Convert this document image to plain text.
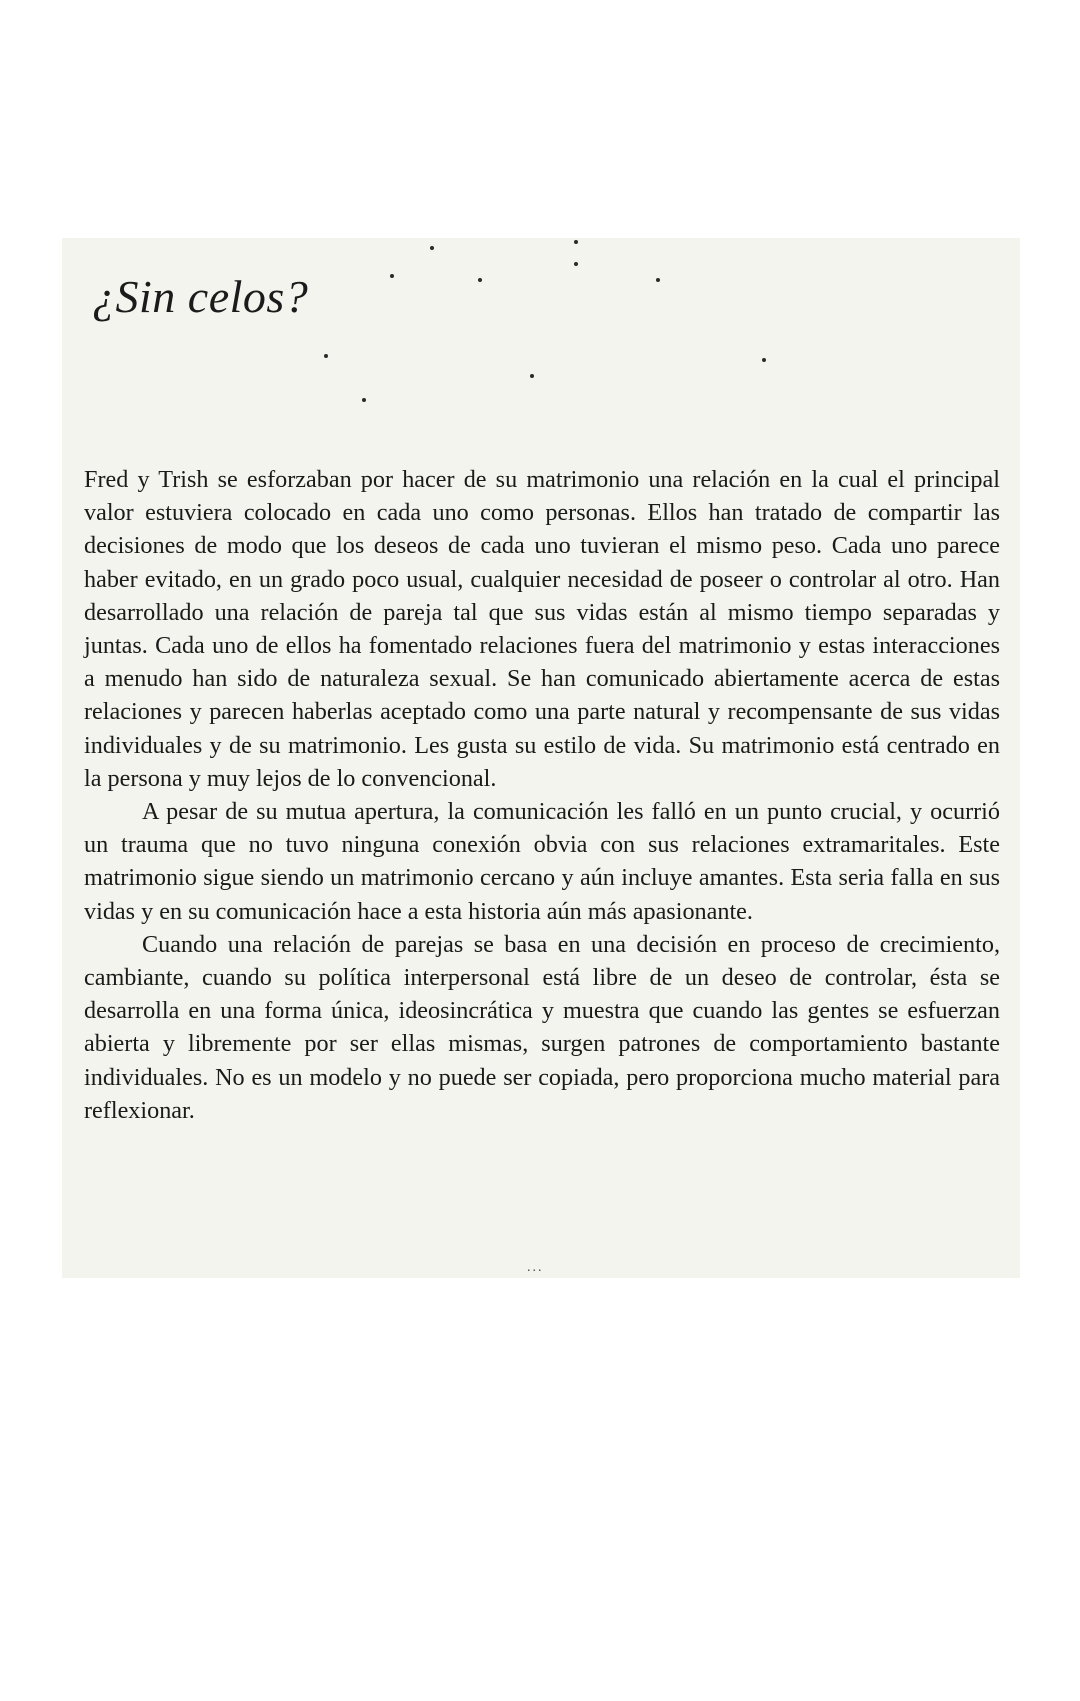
¿Sin celos?

Fred y Trish se esforzaban por hacer de su matrimonio una relación en la cual el principal valor estuviera colocado en cada uno como personas. Ellos han tratado de compartir las decisiones de modo que los deseos de cada uno tuvieran el mismo peso. Cada uno parece haber evitado, en un grado poco usual, cualquier necesidad de poseer o controlar al otro. Han desarrollado una relación de pareja tal que sus vidas están al mismo tiempo separadas y juntas. Cada uno de ellos ha fomentado relaciones fuera del matrimonio y estas interacciones a menudo han sido de naturaleza sexual. Se han comunicado abiertamente acerca de estas relaciones y parecen haberlas aceptado como una parte natural y recompensante de sus vidas individuales y de su matrimonio. Les gusta su estilo de vida. Su matrimonio está centrado en la persona y muy lejos de lo convencional.

A pesar de su mutua apertura, la comunicación les falló en un punto crucial, y ocurrió un trauma que no tuvo ninguna conexión obvia con sus relaciones extramaritales. Este matrimonio sigue siendo un matrimonio cercano y aún incluye amantes. Esta seria falla en sus vidas y en su comunicación hace a esta historia aún más apasionante.

Cuando una relación de parejas se basa en una decisión en proceso de crecimiento, cambiante, cuando su política interpersonal está libre de un deseo de controlar, ésta se desarrolla en una forma única, ideosincrática y muestra que cuando las gentes se esfuerzan abierta y libremente por ser ellas mismas, surgen patrones de comportamiento bastante individuales. No es un modelo y no puede ser copiada, pero proporciona mucho material para reflexionar.

...
